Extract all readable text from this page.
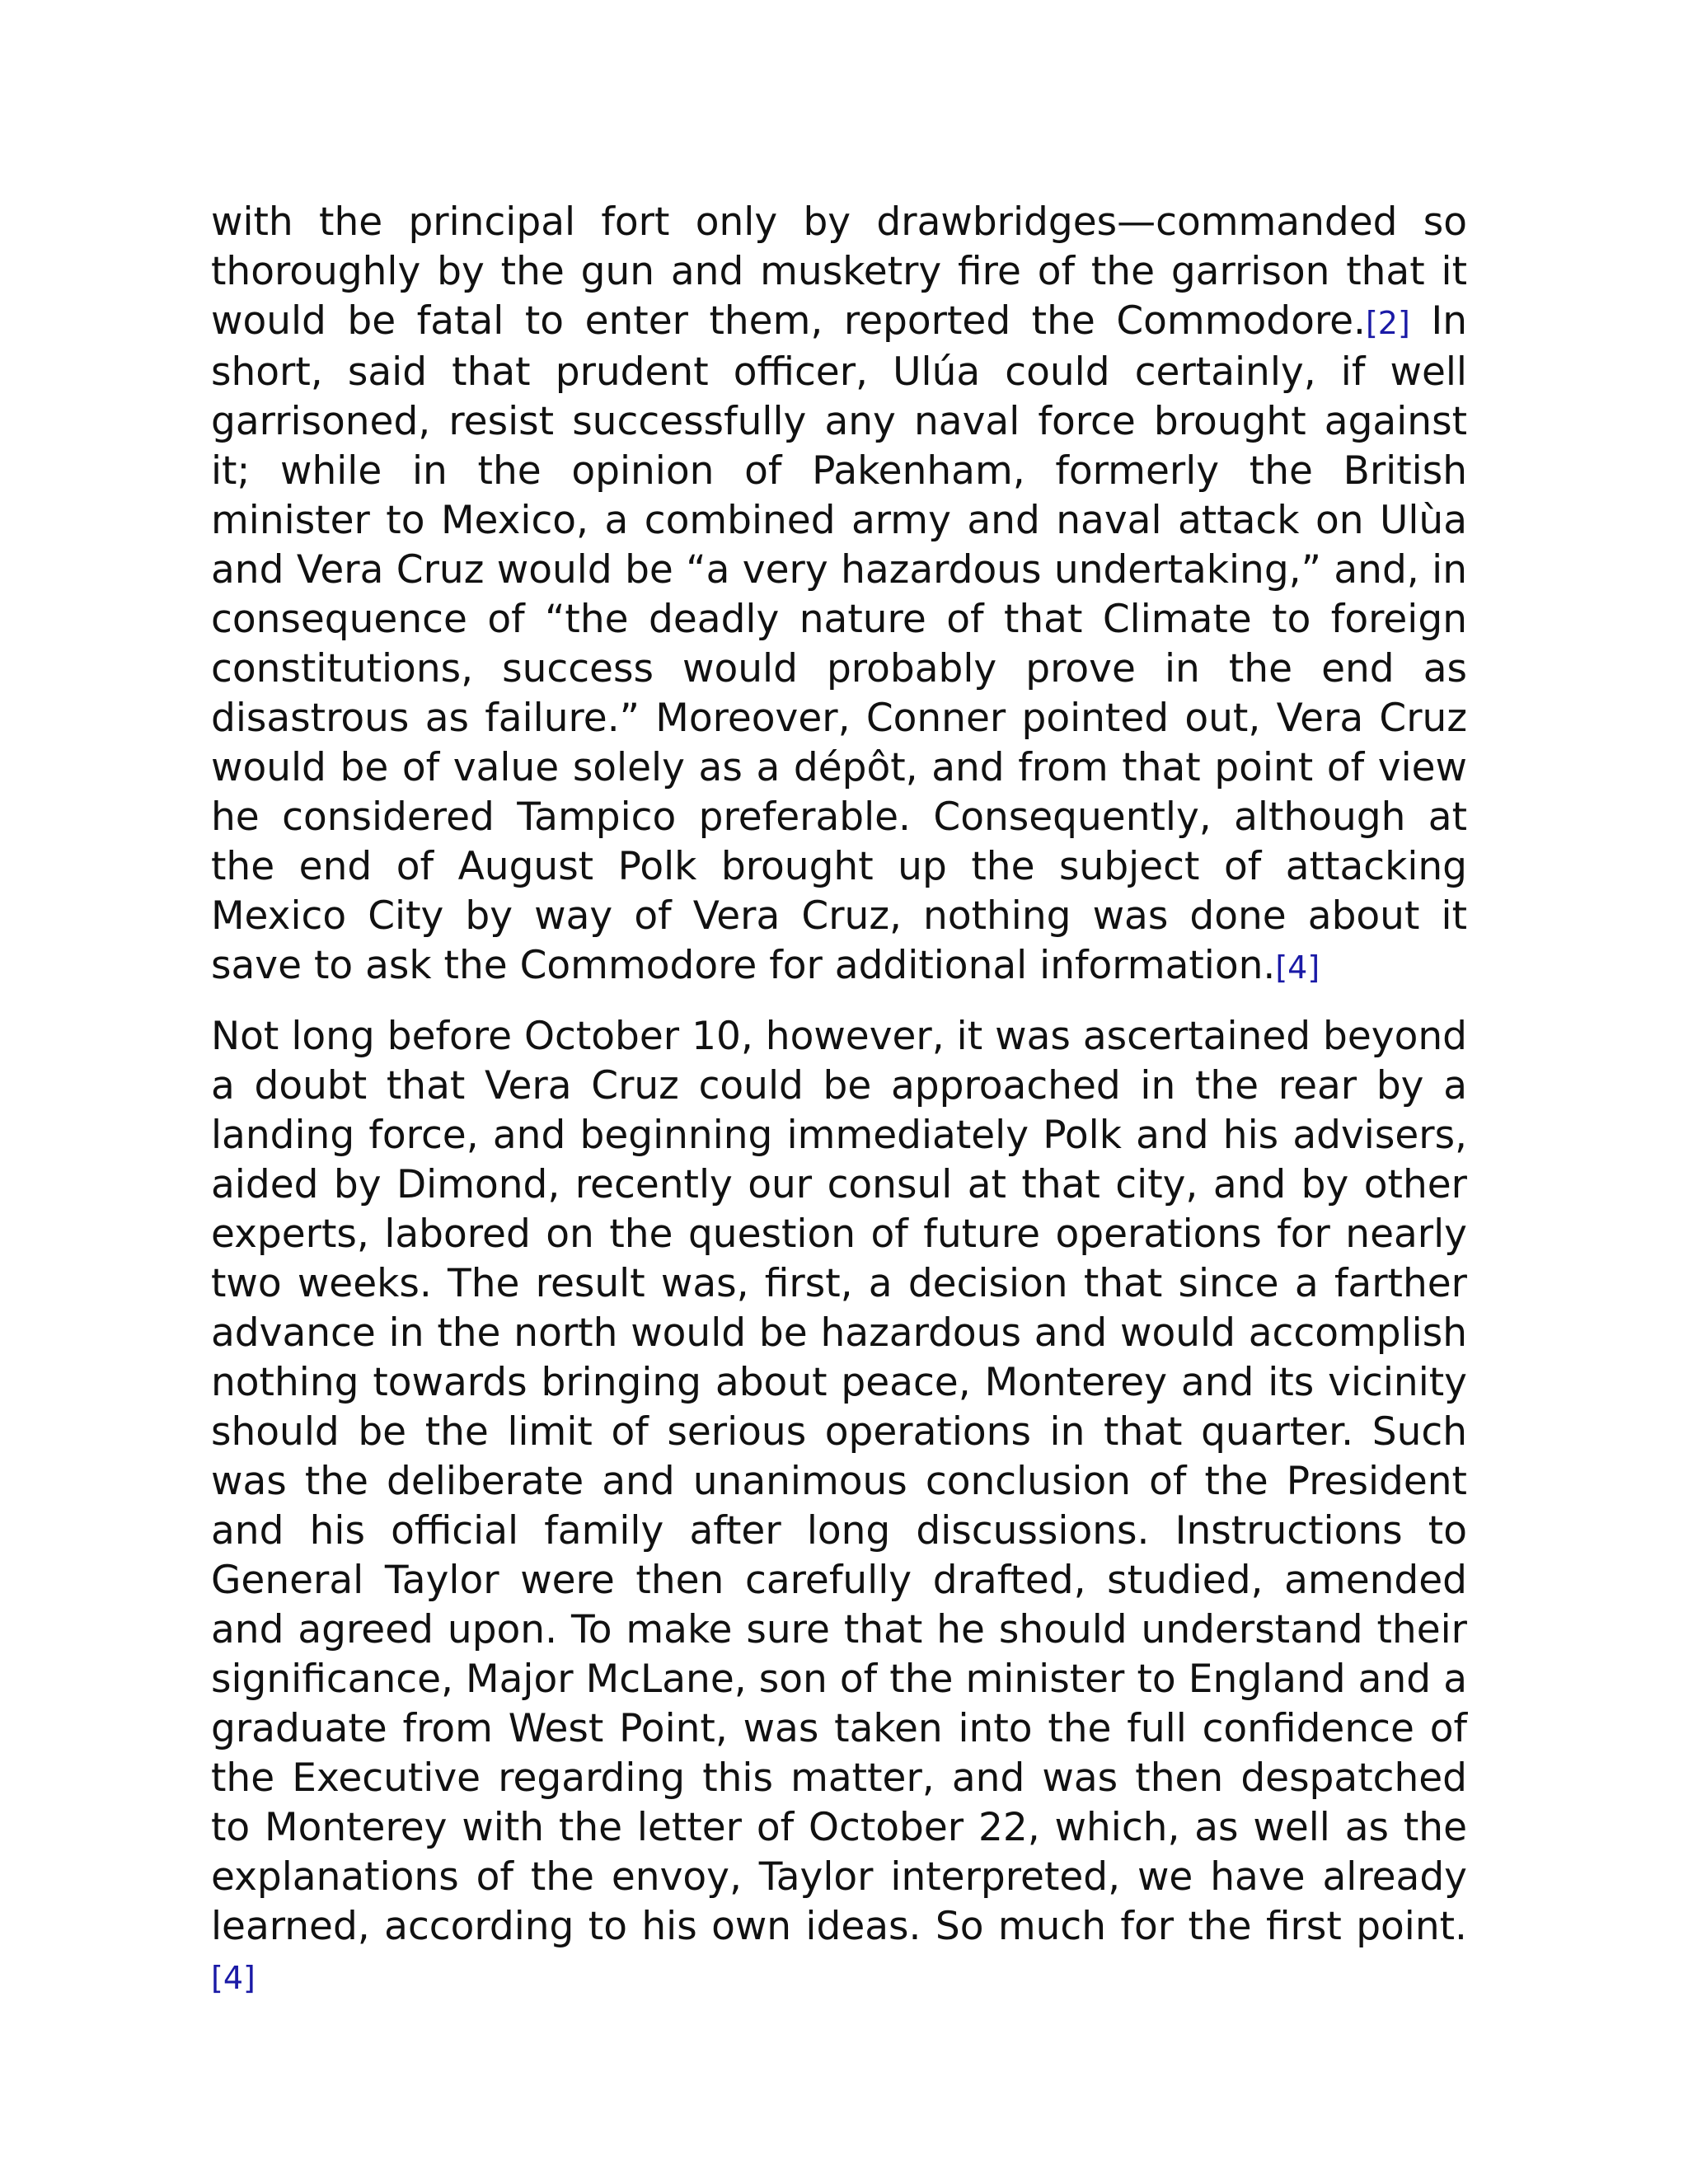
with the principal fort only by drawbridges—commanded so thoroughly by the gun and musketry fire of the garrison that it would be fatal to enter them, reported the Commodore.[2] In short, said that prudent officer, Ulúa could certainly, if well garrisoned, resist successfully any naval force brought against it; while in the opinion of Pakenham, formerly the British minister to Mexico, a combined army and naval attack on Ulùa and Vera Cruz would be “a very hazardous undertaking,” and, in consequence of “the deadly nature of that Climate to foreign constitutions, success would probably prove in the end as disastrous as failure.” Moreover, Conner pointed out, Vera Cruz would be of value solely as a dépôt, and from that point of view he considered Tampico preferable. Consequently, although at the end of August Polk brought up the subject of attacking Mexico City by way of Vera Cruz, nothing was done about it save to ask the Commodore for additional information.[4]

Not long before October 10, however, it was ascertained beyond a doubt that Vera Cruz could be approached in the rear by a landing force, and beginning immediately Polk and his advisers, aided by Dimond, recently our consul at that city, and by other experts, labored on the question of future operations for nearly two weeks. The result was, first, a decision that since a farther advance in the north would be hazardous and would accomplish nothing towards bringing about peace, Monterey and its vicinity should be the limit of serious operations in that quarter. Such was the deliberate and unanimous conclusion of the President and his official family after long discussions. Instructions to General Taylor were then carefully drafted, studied, amended and agreed upon. To make sure that he should understand their significance, Major McLane, son of the minister to England and a graduate from West Point, was taken into the full confidence of the Executive regarding this matter, and was then despatched to Monterey with the letter of October 22, which, as well as the explanations of the envoy, Taylor interpreted, we have already learned, according to his own ideas. So much for the first point.[4]
